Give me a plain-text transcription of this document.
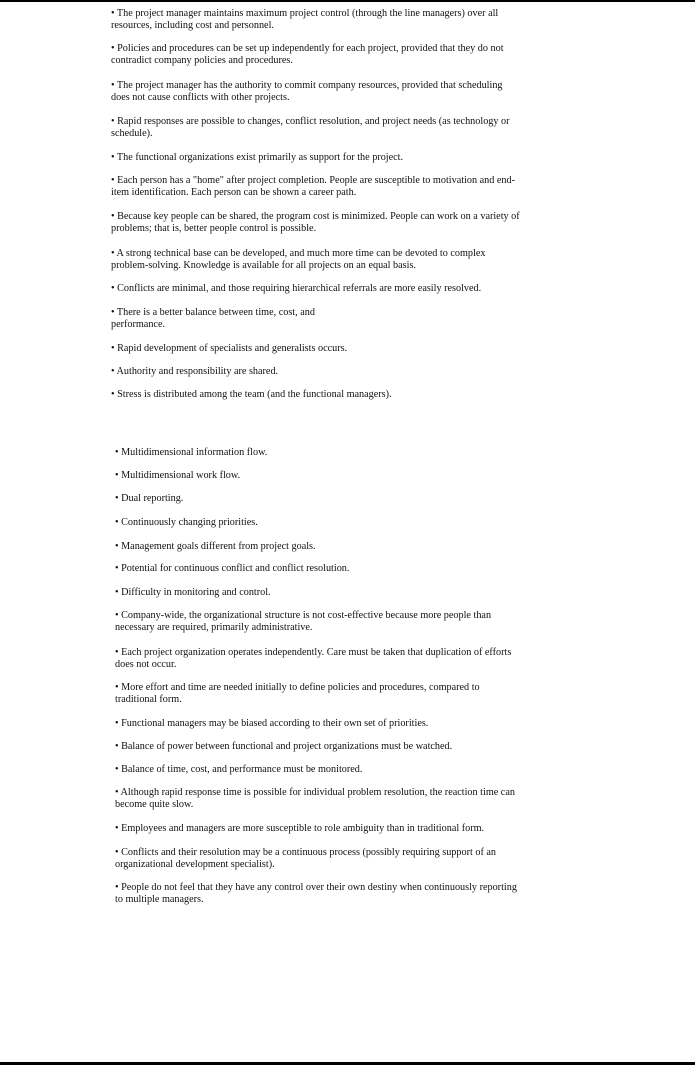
• The project manager maintains maximum project control (through the line managers) over all
resources, including cost and personnel.
• Policies and procedures can be set up independently for each project, provided that they do not
contradict company policies and procedures.
• The project manager has the authority to commit company resources, provided that scheduling
does not cause conflicts with other projects.
• Rapid responses are possible to changes, conflict resolution, and project needs (as technology or
schedule).
• The functional organizations exist primarily as support for the project.
• Each person has a "home" after project completion. People are susceptible to motivation and end-
item identification. Each person can be shown a career path.
• Because key people can be shared, the program cost is minimized. People can work on a variety of
problems; that is, better people control is possible.
• A strong technical base can be developed, and much more time can be devoted to complex
problem-solving. Knowledge is available for all projects on an equal basis.
• Conflicts are minimal, and those requiring hierarchical referrals are more easily resolved.
• There is a better balance between time, cost, and
performance.
• Rapid development of specialists and generalists occurs.
• Authority and responsibility are shared.
• Stress is distributed among the team (and the functional managers).
• Multidimensional information flow.
• Multidimensional work flow.
• Dual reporting.
• Continuously changing priorities.
• Management goals different from project goals.
• Potential for continuous conflict and conflict resolution.
• Difficulty in monitoring and control.
• Company-wide, the organizational structure is not cost-effective because more people than
necessary are required, primarily administrative.
• Each project organization operates independently. Care must be taken that duplication of efforts
does not occur.
• More effort and time are needed initially to define policies and procedures, compared to
traditional form.
• Functional managers may be biased according to their own set of priorities.
• Balance of power between functional and project organizations must be watched.
• Balance of time, cost, and performance must be monitored.
• Although rapid response time is possible for individual problem resolution, the reaction time can
become quite slow.
• Employees and managers are more susceptible to role ambiguity than in traditional form.
• Conflicts and their resolution may be a continuous process (possibly requiring support of an
organizational development specialist).
• People do not feel that they have any control over their own destiny when continuously reporting
to multiple managers.
